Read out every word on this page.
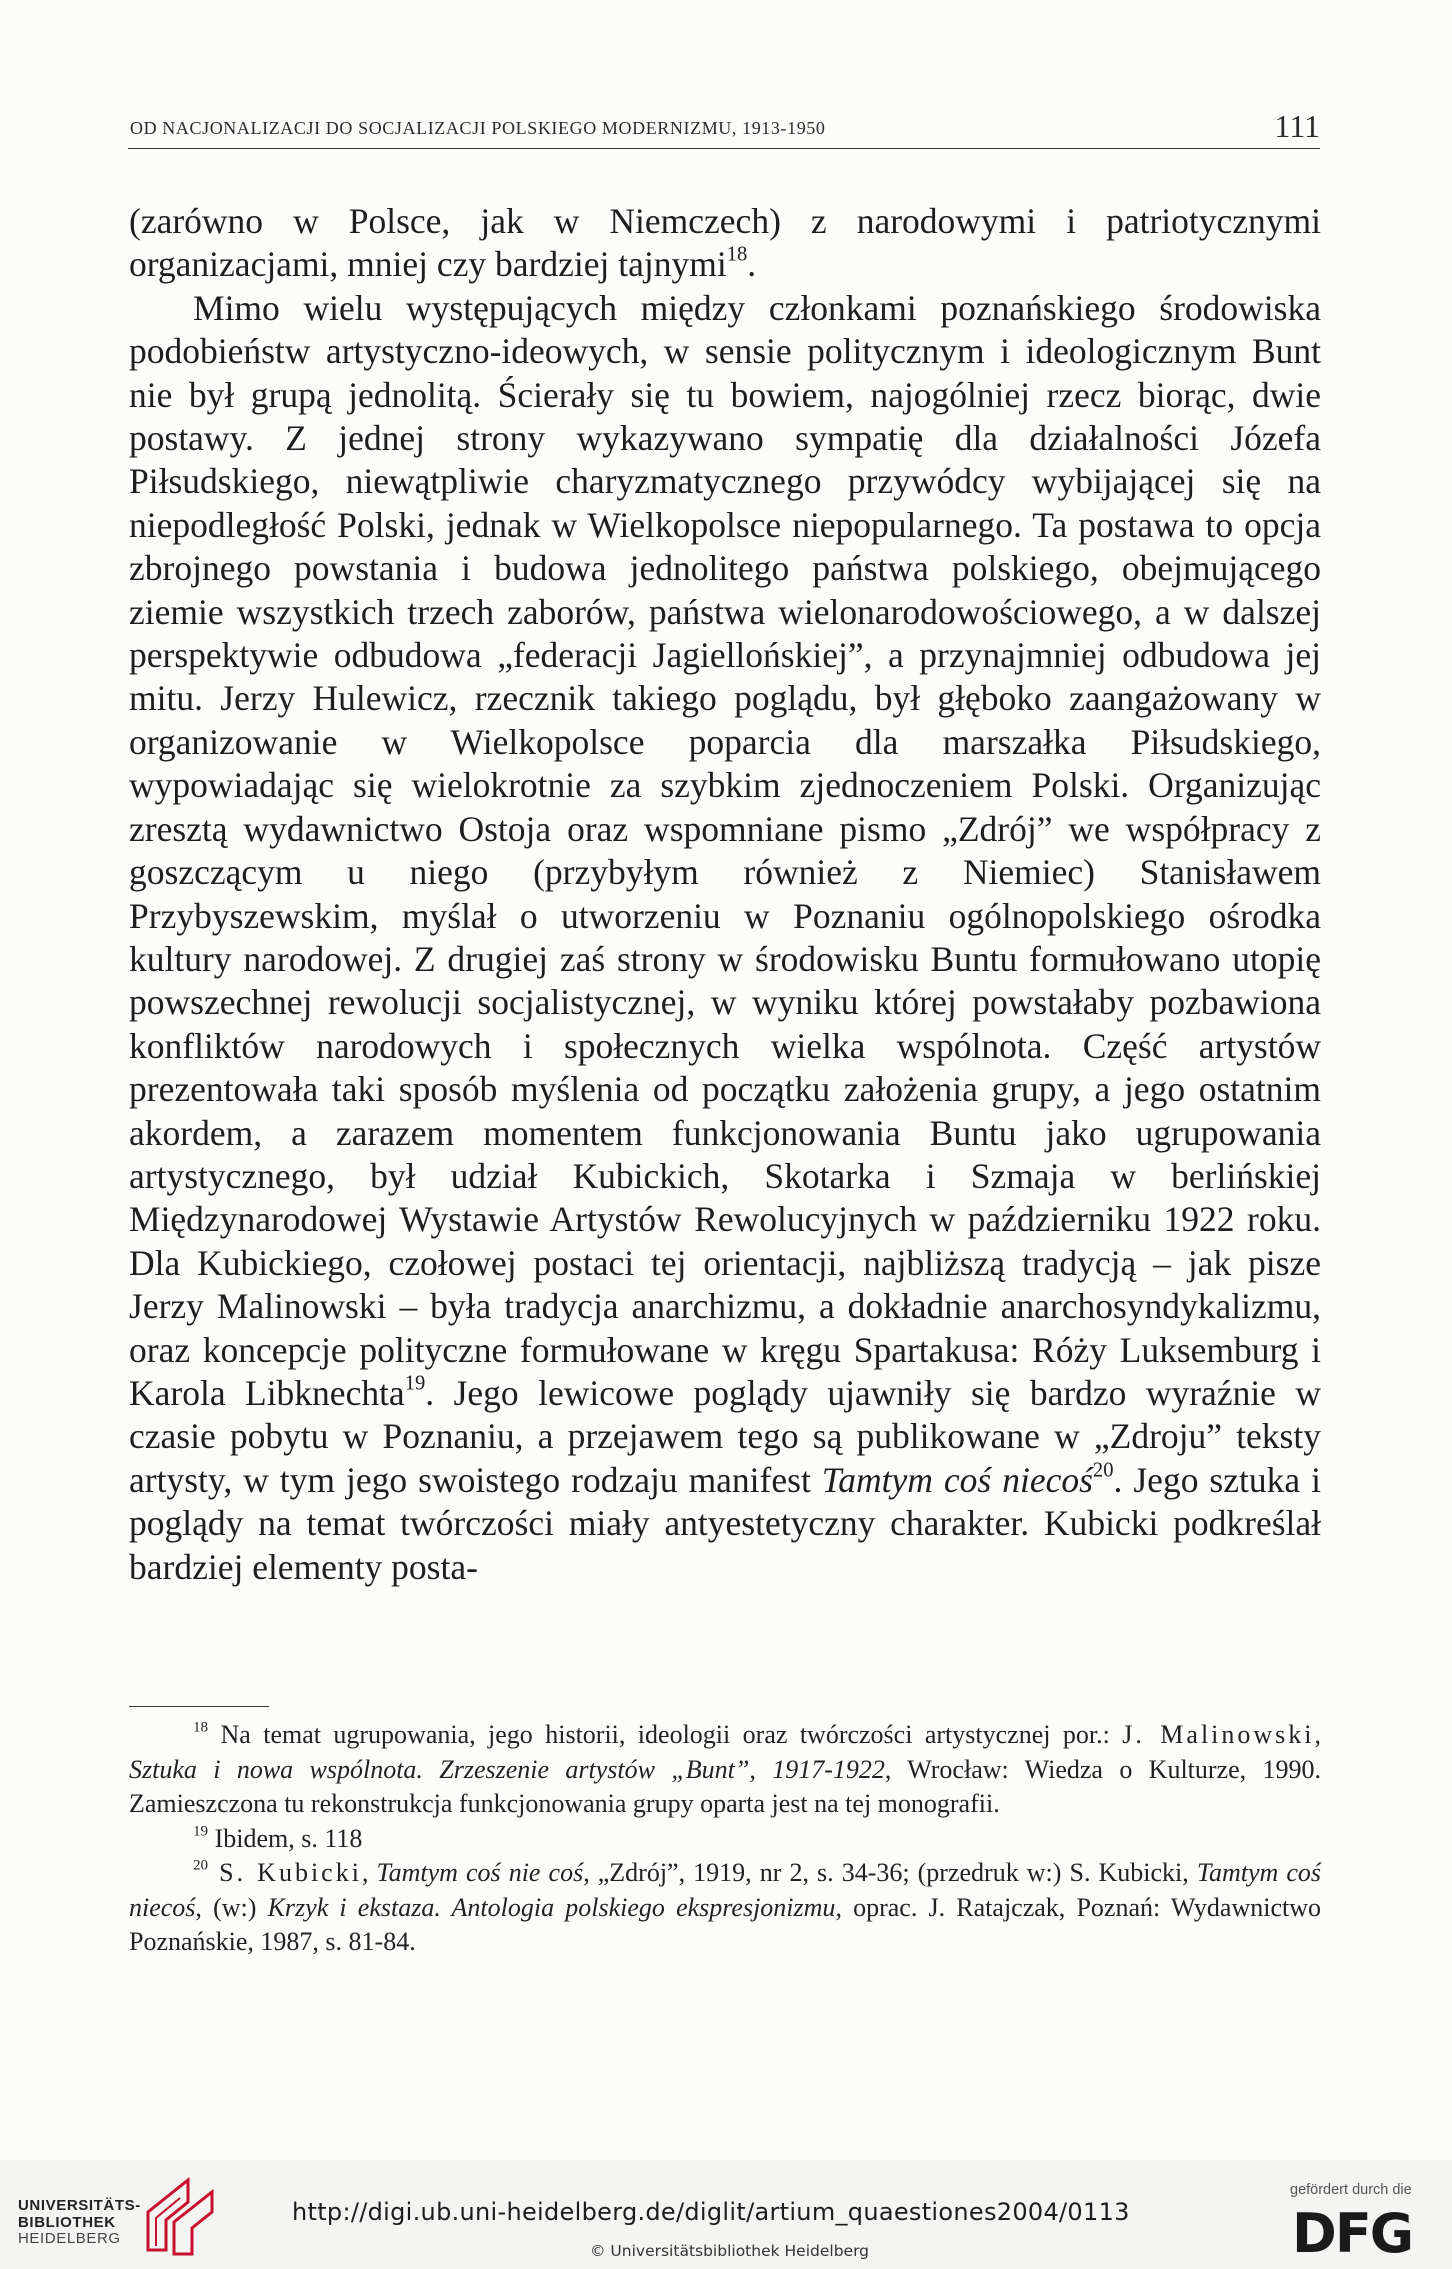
OD NACJONALIZACJI DO SOCJALIZACJI POLSKIEGO MODERNIZMU, 1913-1950	111

(zarówno w Polsce, jak w Niemczech) z narodowymi i patriotycznymi organizacjami, mniej czy bardziej tajnymi$^{18}$.

Mimo wielu występujących między członkami poznańskiego środowiska podobieństw artystyczno-ideowych, w sensie politycznym i ideologicznym Bunt nie był grupą jednolitą. Ścierały się tu bowiem, najogólniej rzecz biorąc, dwie postawy. Z jednej strony wykazywano sympatię dla działalności Józefa Piłsudskiego, niewątpliwie charyzmatycznego przywódcy wybijającej się na niepodległość Polski, jednak w Wielkopolsce niepopularnego. Ta postawa to opcja zbrojnego powstania i budowa jednolitego państwa polskiego, obejmującego ziemie wszystkich trzech zaborów, państwa wielonarodowościowego, a w dalszej perspektywie odbudowa „federacji Jagiellońskiej”, a przynajmniej odbudowa jej mitu. Jerzy Hulewicz, rzecznik takiego poglądu, był głęboko zaangażowany w organizowanie w Wielkopolsce poparcia dla marszałka Piłsudskiego, wypowiadając się wielokrotnie za szybkim zjednoczeniem Polski. Organizując zresztą wydawnictwo Ostoja oraz wspomniane pismo „Zdrój” we współpracy z goszczącym u niego (przybyłym również z Niemiec) Stanisławem Przybyszewskim, myślał o utworzeniu w Poznaniu ogólnopolskiego ośrodka kultury narodowej. Z drugiej zaś strony w środowisku Buntu formułowano utopię powszechnej rewolucji socjalistycznej, w wyniku której powstałaby pozbawiona konfliktów narodowych i społecznych wielka wspólnota. Część artystów prezentowała taki sposób myślenia od początku założenia grupy, a jego ostatnim akordem, a zarazem momentem funkcjonowania Buntu jako ugrupowania artystycznego, był udział Kubickich, Skotarka i Szmaja w berlińskiej Międzynarodowej Wystawie Artystów Rewolucyjnych w październiku 1922 roku. Dla Kubickiego, czołowej postaci tej orientacji, najbliższą tradycją – jak pisze Jerzy Malinowski – była tradycja anarchizmu, a dokładnie anarchosyndykalizmu, oraz koncepcje polityczne formułowane w kręgu Spartakusa: Róży Luksemburg i Karola Libknechta$^{19}$. Jego lewicowe poglądy ujawniły się bardzo wyraźnie w czasie pobytu w Poznaniu, a przejawem tego są publikowane w „Zdroju” teksty artysty, w tym jego swoistego rodzaju manifest Tamtym coś niecoś$^{20}$. Jego sztuka i poglądy na temat twórczości miały antyestetyczny charakter. Kubicki podkreślał bardziej elementy posta-

$^{18}$ Na temat ugrupowania, jego historii, ideologii oraz twórczości artystycznej por.: J. Malinowski, Sztuka i nowa wspólnota. Zrzeszenie artystów „Bunt”, 1917-1922, Wrocław: Wiedza o Kulturze, 1990. Zamieszczona tu rekonstrukcja funkcjonowania grupy oparta jest na tej monografii.

$^{19}$ Ibidem, s. 118

$^{20}$ S. Kubicki, Tamtym coś nie coś, „Zdrój”, 1919, nr 2, s. 34-36; (przedruk w:) S. Kubicki, Tamtym coś niecoś, (w:) Krzyk i ekstaza. Antologia polskiego ekspresjonizmu, oprac. J. Ratajczak, Poznań: Wydawnictwo Poznańskie, 1987, s. 81-84.

UNIVERSITÄTS-
BIBLIOTHEK
HEIDELBERG
http://digi.ub.uni-heidelberg.de/diglit/artium_quaestiones2004/0113
© Universitätsbibliothek Heidelberg
gefördert durch die
DFG
